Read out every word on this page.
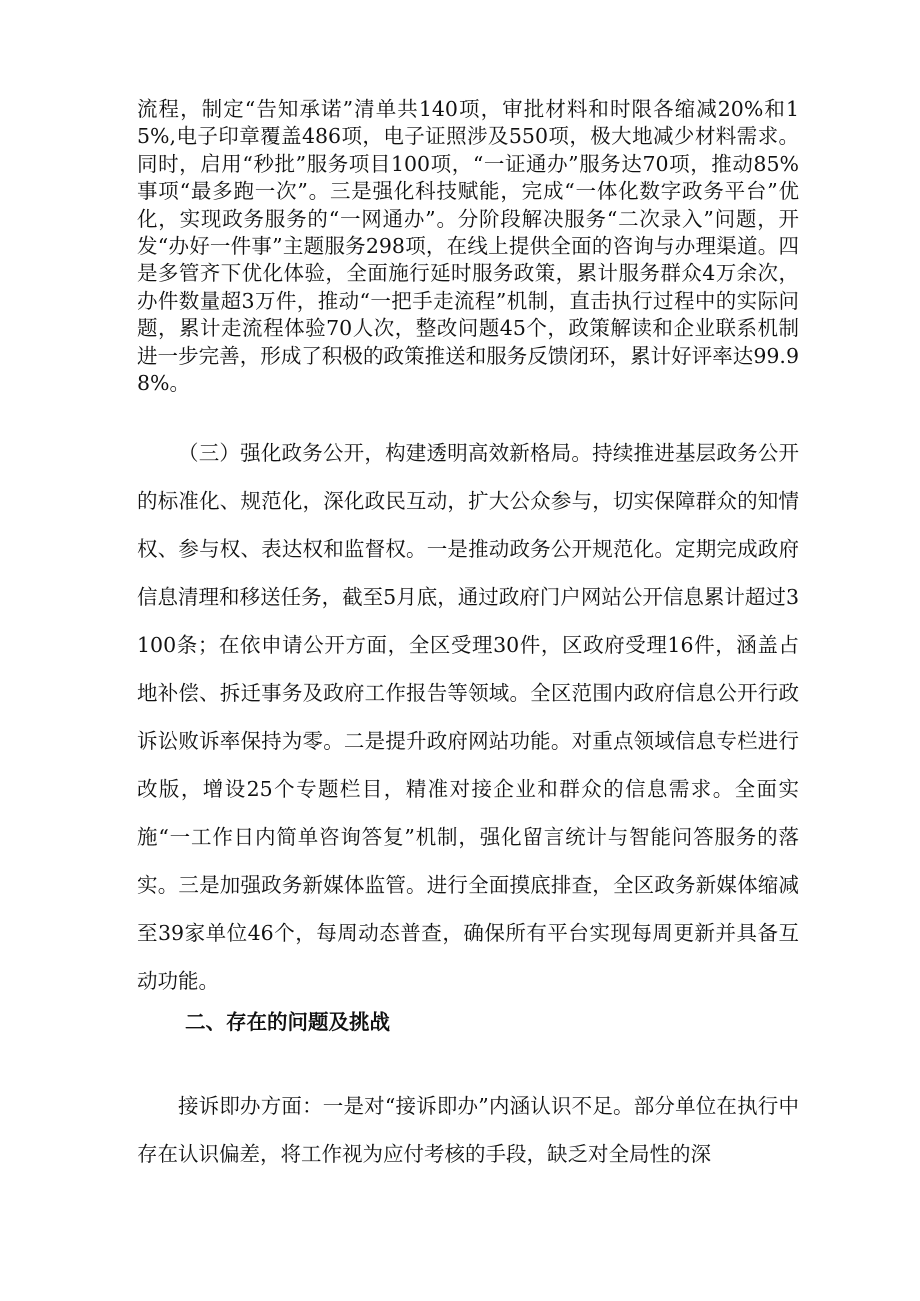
流程，制定“告知承诺”清单共140项，审批材料和时限各缩减20%和15%,电子印章覆盖486项，电子证照涉及550项，极大地减少材料需求。同时，启用“秒批”服务项目100项，“一证通办”服务达70项，推动85%事项“最多跑一次”。三是强化科技赋能，完成“一体化数字政务平台”优化，实现政务服务的“一网通办”。分阶段解决服务“二次录入”问题，开发“办好一件事”主题服务298项，在线上提供全面的咨询与办理渠道。四是多管齐下优化体验，全面施行延时服务政策，累计服务群众4万余次，办件数量超3万件，推动“一把手走流程”机制，直击执行过程中的实际问题，累计走流程体验70人次，整改问题45个，政策解读和企业联系机制进一步完善，形成了积极的政策推送和服务反馈闭环，累计好评率达99.98%。

（三）强化政务公开，构建透明高效新格局。持续推进基层政务公开的标准化、规范化，深化政民互动，扩大公众参与，切实保障群众的知情权、参与权、表达权和监督权。一是推动政务公开规范化。定期完成政府信息清理和移送任务，截至5月底，通过政府门户网站公开信息累计超过3100条；在依申请公开方面，全区受理30件，区政府受理16件，涵盖占地补偿、拆迁事务及政府工作报告等领域。全区范围内政府信息公开行政诉讼败诉率保持为零。二是提升政府网站功能。对重点领域信息专栏进行改版，增设25个专题栏目，精准对接企业和群众的信息需求。全面实施“一工作日内简单咨询答复”机制，强化留言统计与智能问答服务的落实。三是加强政务新媒体监管。进行全面摸底排查，全区政务新媒体缩减至39家单位46个，每周动态普查，确保所有平台实现每周更新并具备互动功能。

二、存在的问题及挑战

接诉即办方面：一是对“接诉即办”内涵认识不足。部分单位在执行中存在认识偏差，将工作视为应付考核的手段，缺乏对全局性的深
